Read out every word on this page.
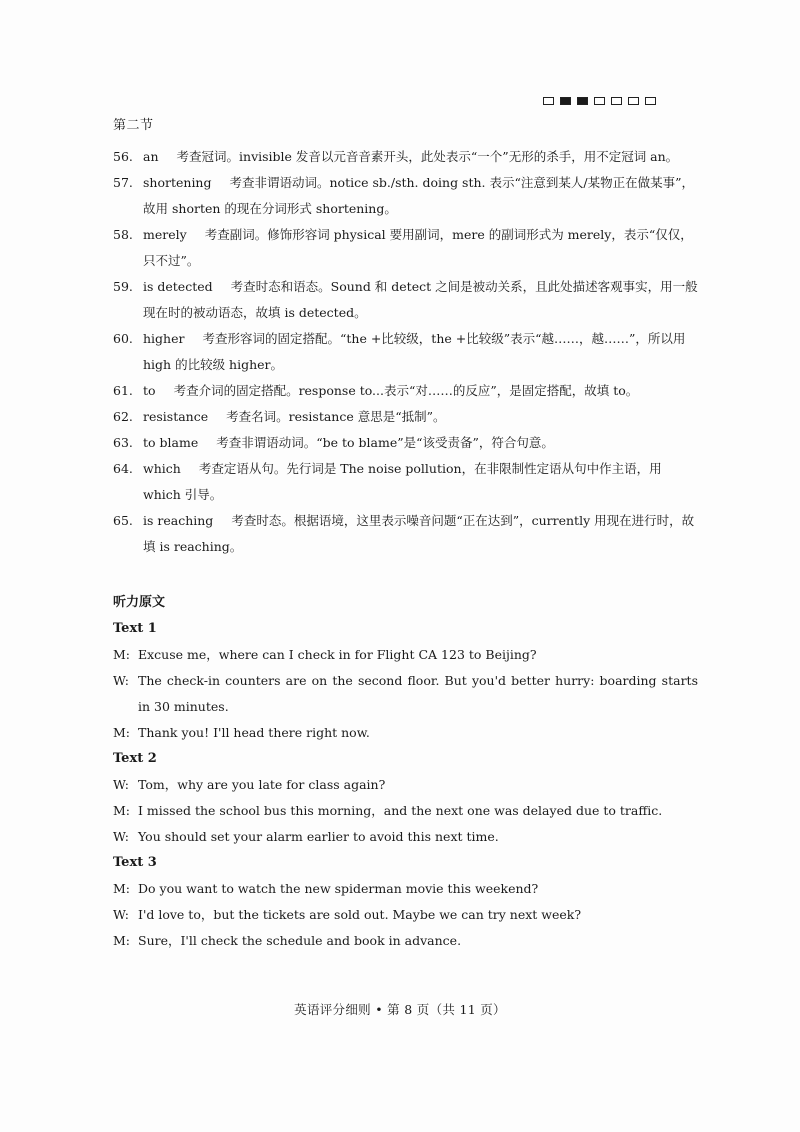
第二节
56. an 考查冠词。invisible 发音以元音音素开头，此处表示“一个”无形的杀手，用不定冠词 an。
57. shortening 考查非谓语动词。notice sb./sth. doing sth. 表示“注意到某人/某物正在做某事”，故用 shorten 的现在分词形式 shortening。
58. merely 考查副词。修饰形容词 physical 要用副词，mere 的副词形式为 merely，表示“仅仅，只不过”。
59. is detected 考查时态和语态。Sound 和 detect 之间是被动关系，且此处描述客观事实，用一般现在时的被动语态，故填 is detected。
60. higher 考查形容词的固定搭配。“the +比较级，the +比较级”表示“越……，越……”，所以用 high 的比较级 higher。
61. to 考查介词的固定搭配。response to...表示“对……的反应”，是固定搭配，故填 to。
62. resistance 考查名词。resistance 意思是“抵制”。
63. to blame 考查非谓语动词。“be to blame”是“该受责备”，符合句意。
64. which 考查定语从句。先行词是 The noise pollution，在非限制性定语从句中作主语，用 which 引导。
65. is reaching 考查时态。根据语境，这里表示噪音问题“正在达到”，currently 用现在进行时，故填 is reaching。
听力原文
Text 1
M: Excuse me，where can I check in for Flight CA 123 to Beijing?
W: The check-in counters are on the second floor. But you'd better hurry: boarding starts in 30 minutes.
M: Thank you! I'll head there right now.
Text 2
W: Tom，why are you late for class again?
M: I missed the school bus this morning，and the next one was delayed due to traffic.
W: You should set your alarm earlier to avoid this next time.
Text 3
M: Do you want to watch the new spiderman movie this weekend?
W: I'd love to，but the tickets are sold out. Maybe we can try next week?
M: Sure，I'll check the schedule and book in advance.
英语评分细则 • 第 8 页（共 11 页）
